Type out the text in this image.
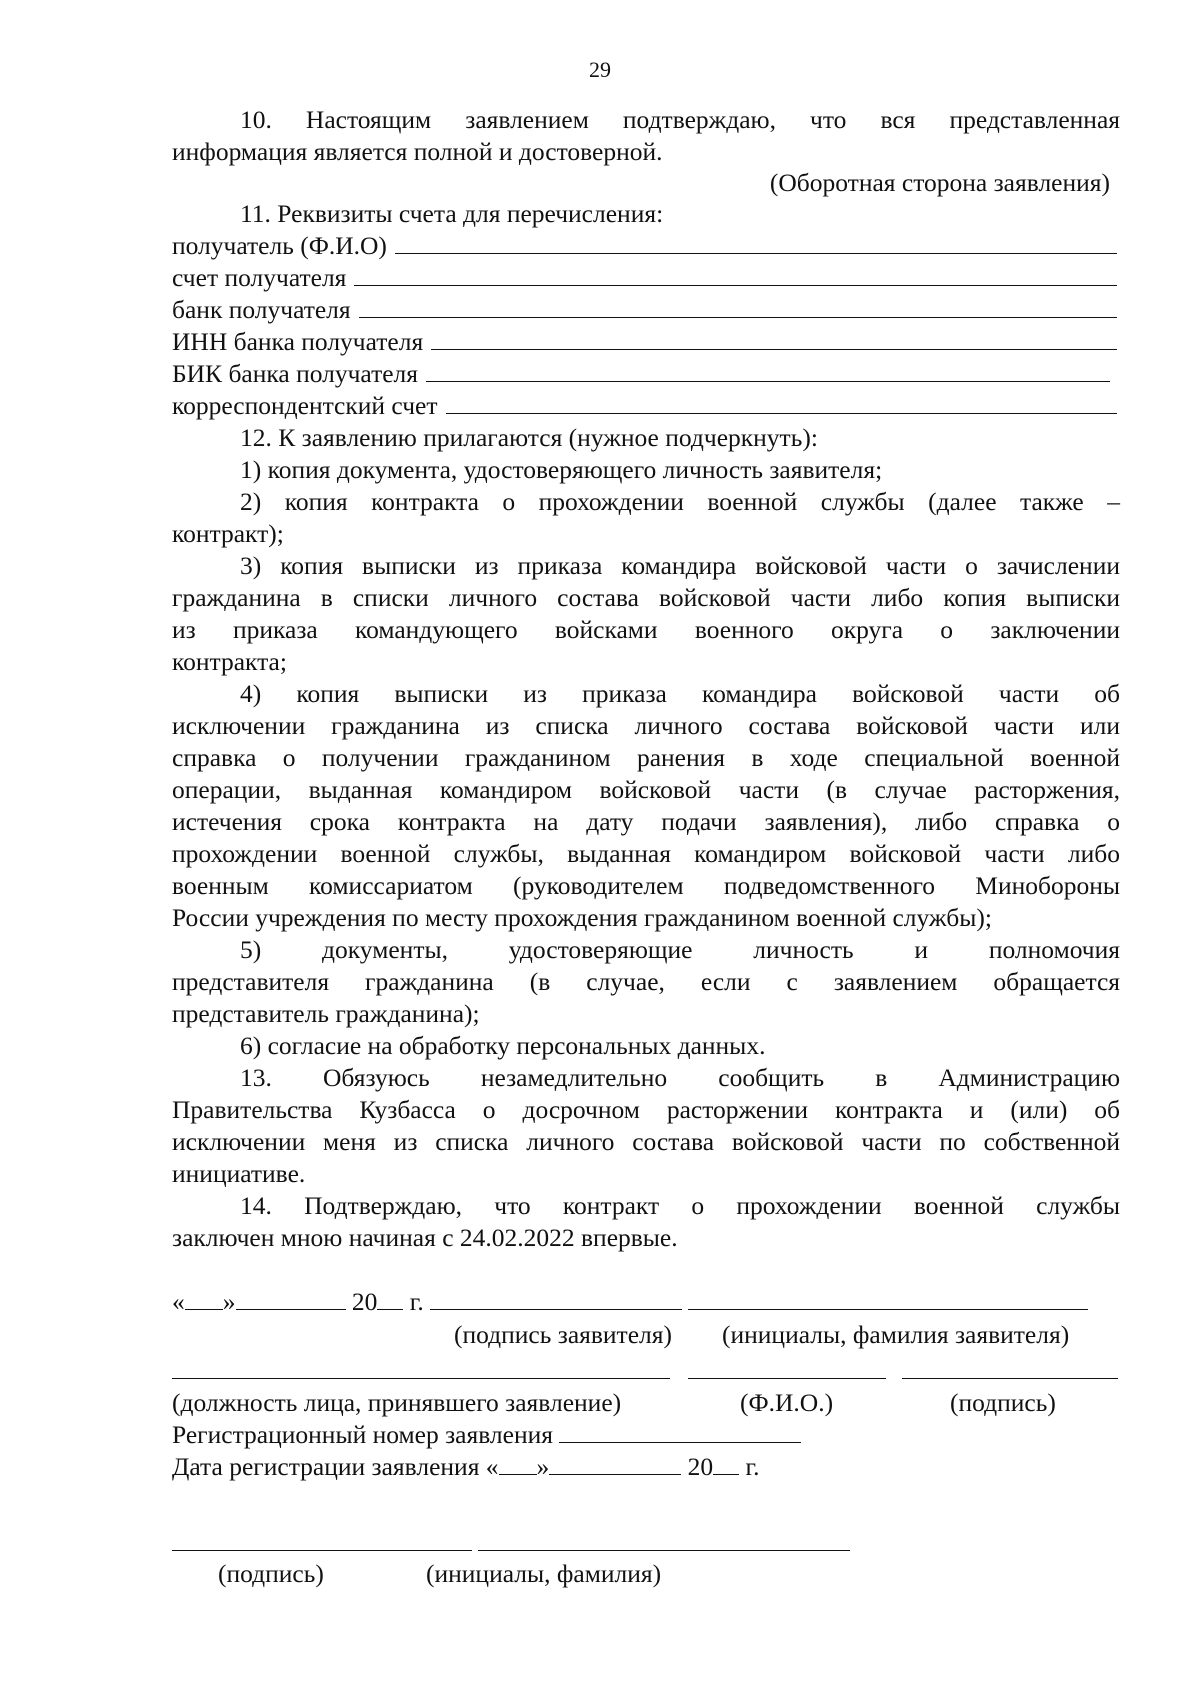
29
10. Настоящим заявлением подтверждаю, что вся представленная
информация является полной и достоверной.
(Оборотная сторона заявления)
11. Реквизиты счета для перечисления:
получатель (Ф.И.О)
счет получателя
банк получателя
ИНН банка получателя
БИК банка получателя
корреспондентский счет
12. К заявлению прилагаются (нужное подчеркнуть):
1) копия документа, удостоверяющего личность заявителя;
2) копия контракта о прохождении военной службы (далее также –
контракт);
3) копия выписки из приказа командира войсковой части о зачислении
гражданина в списки личного состава войсковой части либо копия выписки
из приказа командующего войсками военного округа о заключении
контракта;
4) копия выписки из приказа командира войсковой части об
исключении гражданина из списка личного состава войсковой части или
справка о получении гражданином ранения в ходе специальной военной
операции, выданная командиром войсковой части (в случае расторжения,
истечения срока контракта на дату подачи заявления), либо справка о
прохождении военной службы, выданная командиром войсковой части либо
военным комиссариатом (руководителем подведомственного Минобороны
России учреждения по месту прохождения гражданином военной службы);
5) документы, удостоверяющие личность и полномочия
представителя гражданина (в случае, если с заявлением обращается
представитель гражданина);
6) согласие на обработку персональных данных.
13. Обязуюсь незамедлительно сообщить в Администрацию
Правительства Кузбасса о досрочном расторжении контракта и (или) об
исключении меня из списка личного состава войсковой части по собственной
инициативе.
14. Подтверждаю, что контракт о прохождении военной службы
заключен мною начиная с 24.02.2022 впервые.
« »	20 г.
(подпись заявителя) (инициалы, фамилия заявителя)
(должность лица, принявшего заявление)	(Ф.И.О.)	(подпись)
Регистрационный номер заявления
Дата регистрации заявления « »	20 г.
(подпись)	(инициалы, фамилия)
